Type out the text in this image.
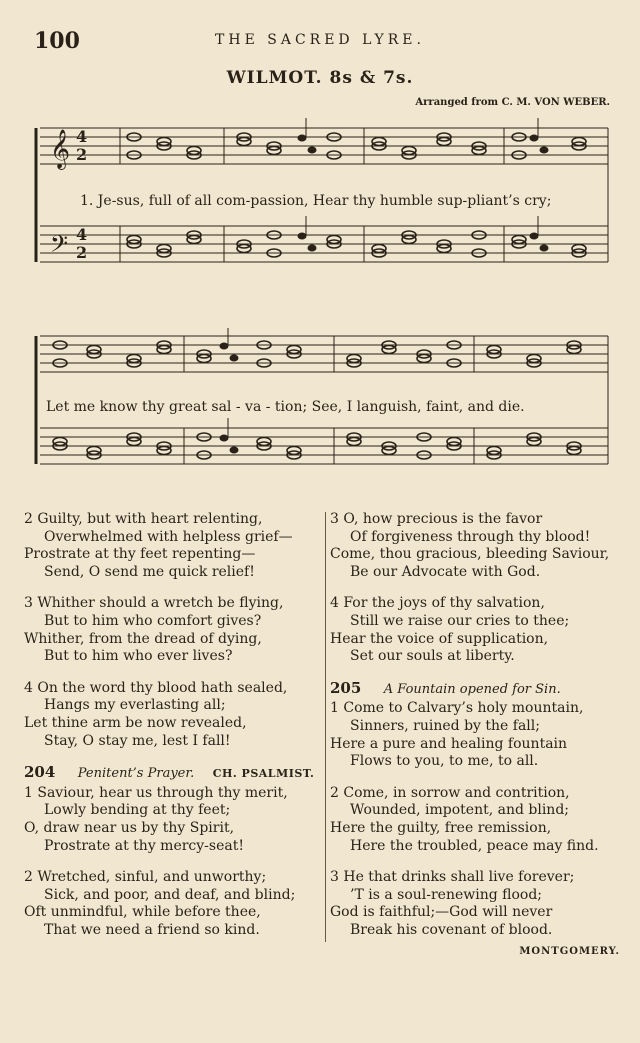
100	THE SACRED LYRE.
WILMOT. 8s & 7s.
Arranged from C. M. VON WEBER.
𝄞 4
2
𝄢 4
2
1. Je-sus, full of all com-passion, Hear thy humble sup-pliant’s cry;
Let me know thy great sal - va - tion; See, I languish, faint, and die.
2 Guilty, but with heart relenting,
Overwhelmed with helpless grief—
Prostrate at thy feet repenting—
Send, O send me quick relief!
3 Whither should a wretch be flying,
But to him who comfort gives?
Whither, from the dread of dying,
But to him who ever lives?
4 On the word thy blood hath sealed,
Hangs my everlasting all;
Let thine arm be now revealed,
Stay, O stay me, lest I fall!
204 Penitent’s Prayer. CH. PSALMIST.
1 Saviour, hear us through thy merit,
Lowly bending at thy feet;
O, draw near us by thy Spirit,
Prostrate at thy mercy-seat!
2 Wretched, sinful, and unworthy;
Sick, and poor, and deaf, and blind;
Oft unmindful, while before thee,
That we need a friend so kind.
3 O, how precious is the favor
Of forgiveness through thy blood!
Come, thou gracious, bleeding Saviour,
Be our Advocate with God.
4 For the joys of thy salvation,
Still we raise our cries to thee;
Hear the voice of supplication,
Set our souls at liberty.
205 A Fountain opened for Sin.
1 Come to Calvary’s holy mountain,
Sinners, ruined by the fall;
Here a pure and healing fountain
Flows to you, to me, to all.
2 Come, in sorrow and contrition,
Wounded, impotent, and blind;
Here the guilty, free remission,
Here the troubled, peace may find.
3 He that drinks shall live forever;
’T is a soul-renewing flood;
God is faithful;—God will never
Break his covenant of blood.
MONTGOMERY.
